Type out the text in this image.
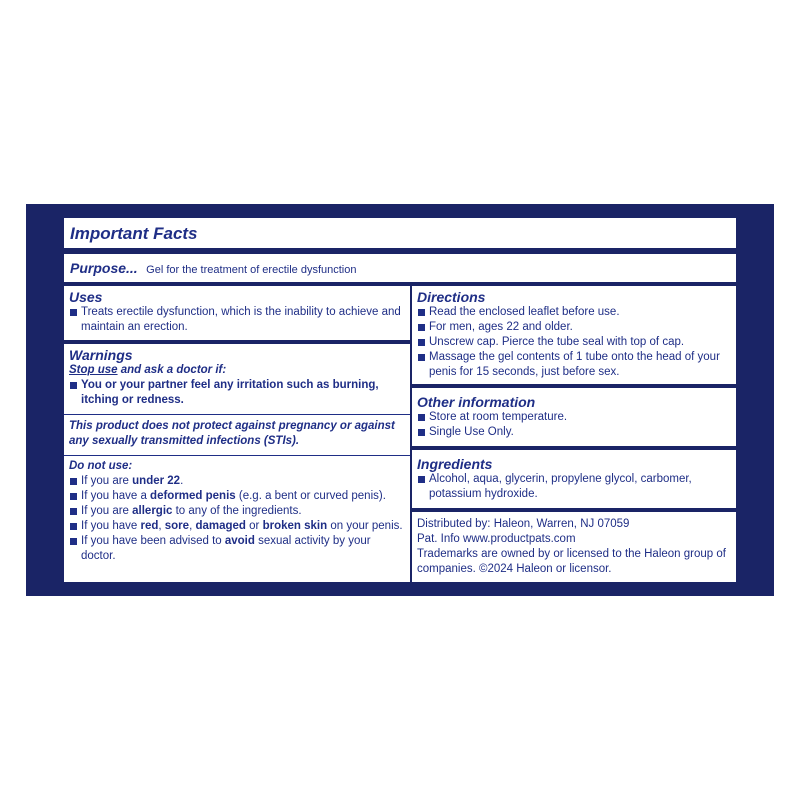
Important Facts
Purpose... Gel for the treatment of erectile dysfunction
Uses
Treats erectile dysfunction, which is the inability to achieve and maintain an erection.
Warnings
Stop use and ask a doctor if:
You or your partner feel any irritation such as burning, itching or redness.
This product does not protect against pregnancy or against any sexually transmitted infections (STIs).
Do not use:
If you are under 22.
If you have a deformed penis (e.g. a bent or curved penis).
If you are allergic to any of the ingredients.
If you have red, sore, damaged or broken skin on your penis.
If you have been advised to avoid sexual activity by your doctor.
Directions
Read the enclosed leaflet before use.
For men, ages 22 and older.
Unscrew cap. Pierce the tube seal with top of cap.
Massage the gel contents of 1 tube onto the head of your penis for 15 seconds, just before sex.
Other information
Store at room temperature.
Single Use Only.
Ingredients
Alcohol, aqua, glycerin, propylene glycol, carbomer, potassium hydroxide.
Distributed by: Haleon, Warren, NJ 07059
Pat. Info www.productpats.com
Trademarks are owned by or licensed to the Haleon group of companies. ©2024 Haleon or licensor.
